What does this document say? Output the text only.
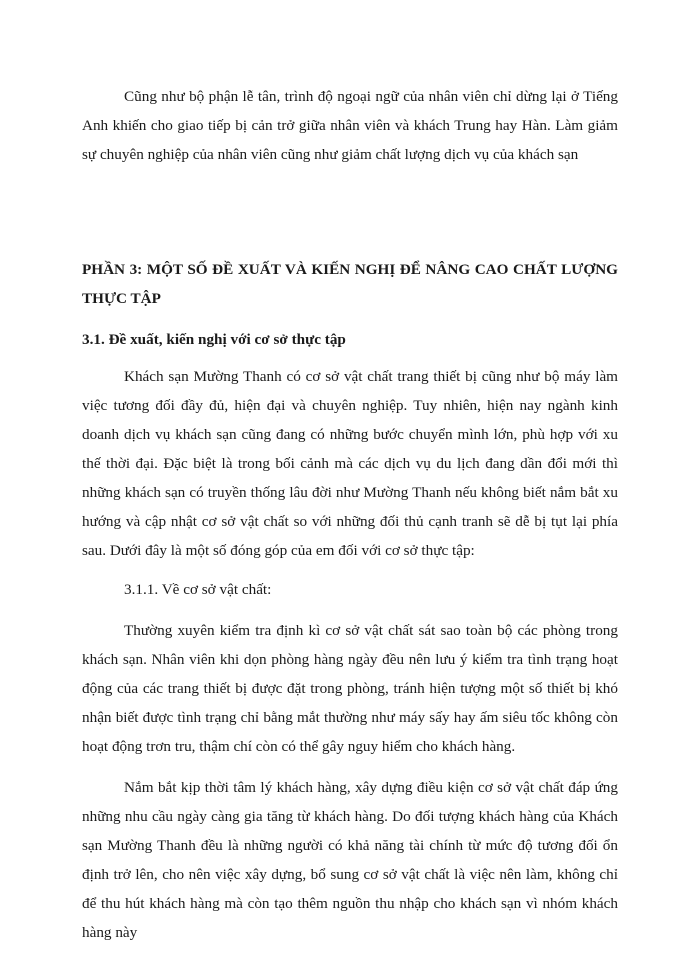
Cũng như bộ phận lễ tân, trình độ ngoại ngữ của nhân viên chỉ dừng lại ở Tiếng Anh khiến cho giao tiếp bị cản trở giữa nhân viên và khách Trung hay Hàn. Làm giảm sự chuyên nghiệp của nhân viên cũng như giảm chất lượng dịch vụ của khách sạn

PHẦN 3: MỘT SỐ ĐỀ XUẤT VÀ KIẾN NGHỊ ĐỂ NÂNG CAO CHẤT LƯỢNG THỰC TẬP

3.1. Đề xuất, kiến nghị với cơ sở thực tập

Khách sạn Mường Thanh có cơ sở vật chất trang thiết bị cũng như bộ máy làm việc tương đối đầy đủ, hiện đại và chuyên nghiệp. Tuy nhiên, hiện nay ngành kinh doanh dịch vụ khách sạn cũng đang có những bước chuyển mình lớn, phù hợp với xu thế thời đại. Đặc biệt là trong bối cảnh mà các dịch vụ du lịch đang dần đổi mới thì những khách sạn có truyền thống lâu đời như Mường Thanh nếu không biết nắm bắt xu hướng và cập nhật cơ sở vật chất so với những đối thủ cạnh tranh sẽ dễ bị tụt lại phía sau. Dưới đây là một số đóng góp của em đối với cơ sở thực tập:

3.1.1. Về cơ sở vật chất:

Thường xuyên kiểm tra định kì cơ sở vật chất sát sao toàn bộ các phòng trong khách sạn. Nhân viên khi dọn phòng hàng ngày đều nên lưu ý kiểm tra tình trạng hoạt động của các trang thiết bị được đặt trong phòng, tránh hiện tượng một số thiết bị khó nhận biết được tình trạng chỉ bằng mắt thường như máy sấy hay ấm siêu tốc không còn hoạt động trơn tru, thậm chí còn có thể gây nguy hiểm cho khách hàng.

Nắm bắt kịp thời tâm lý khách hàng, xây dựng điều kiện cơ sở vật chất đáp ứng những nhu cầu ngày càng gia tăng từ khách hàng. Do đối tượng khách hàng của Khách sạn Mường Thanh đều là những người có khả năng tài chính từ mức độ tương đối ổn định trở lên, cho nên việc xây dựng, bổ sung cơ sở vật chất là việc nên làm, không chỉ để thu hút khách hàng mà còn tạo thêm nguồn thu nhập cho khách sạn vì nhóm khách hàng này
